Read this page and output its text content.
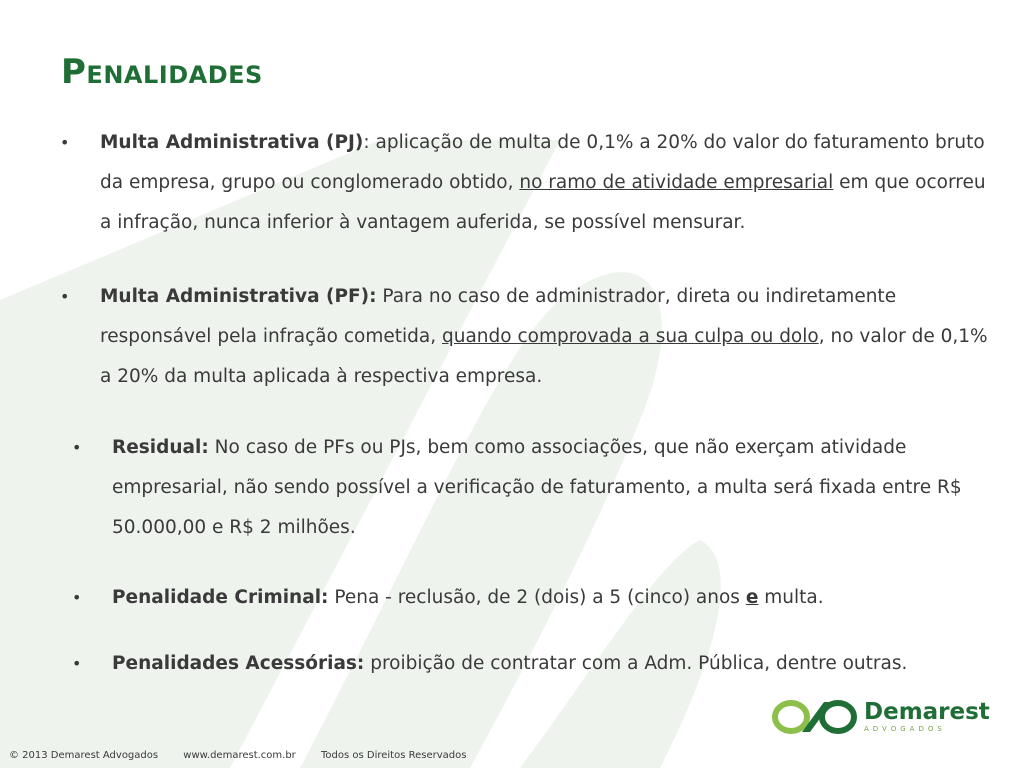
Penalidades
• Multa Administrativa (PJ): aplicação de multa de 0,1% a 20% do valor do faturamento bruto da empresa, grupo ou conglomerado obtido, no ramo de atividade empresarial em que ocorreu a infração, nunca inferior à vantagem auferida, se possível mensurar.
• Multa Administrativa (PF): Para no caso de administrador, direta ou indiretamente responsável pela infração cometida, quando comprovada a sua culpa ou dolo, no valor de 0,1% a 20% da multa aplicada à respectiva empresa.
• Residual: No caso de PFs ou PJs, bem como associações, que não exerçam atividade empresarial, não sendo possível a verificação de faturamento, a multa será fixada entre R$ 50.000,00 e R$ 2 milhões.
• Penalidade Criminal: Pena - reclusão, de 2 (dois) a 5 (cinco) anos e multa.
• Penalidades Acessórias: proibição de contratar com a Adm. Pública, dentre outras.
Demarest
ADVOGADOS
© 2013 Demarest Advogados	www.demarest.com.br	Todos os Direitos Reservados
